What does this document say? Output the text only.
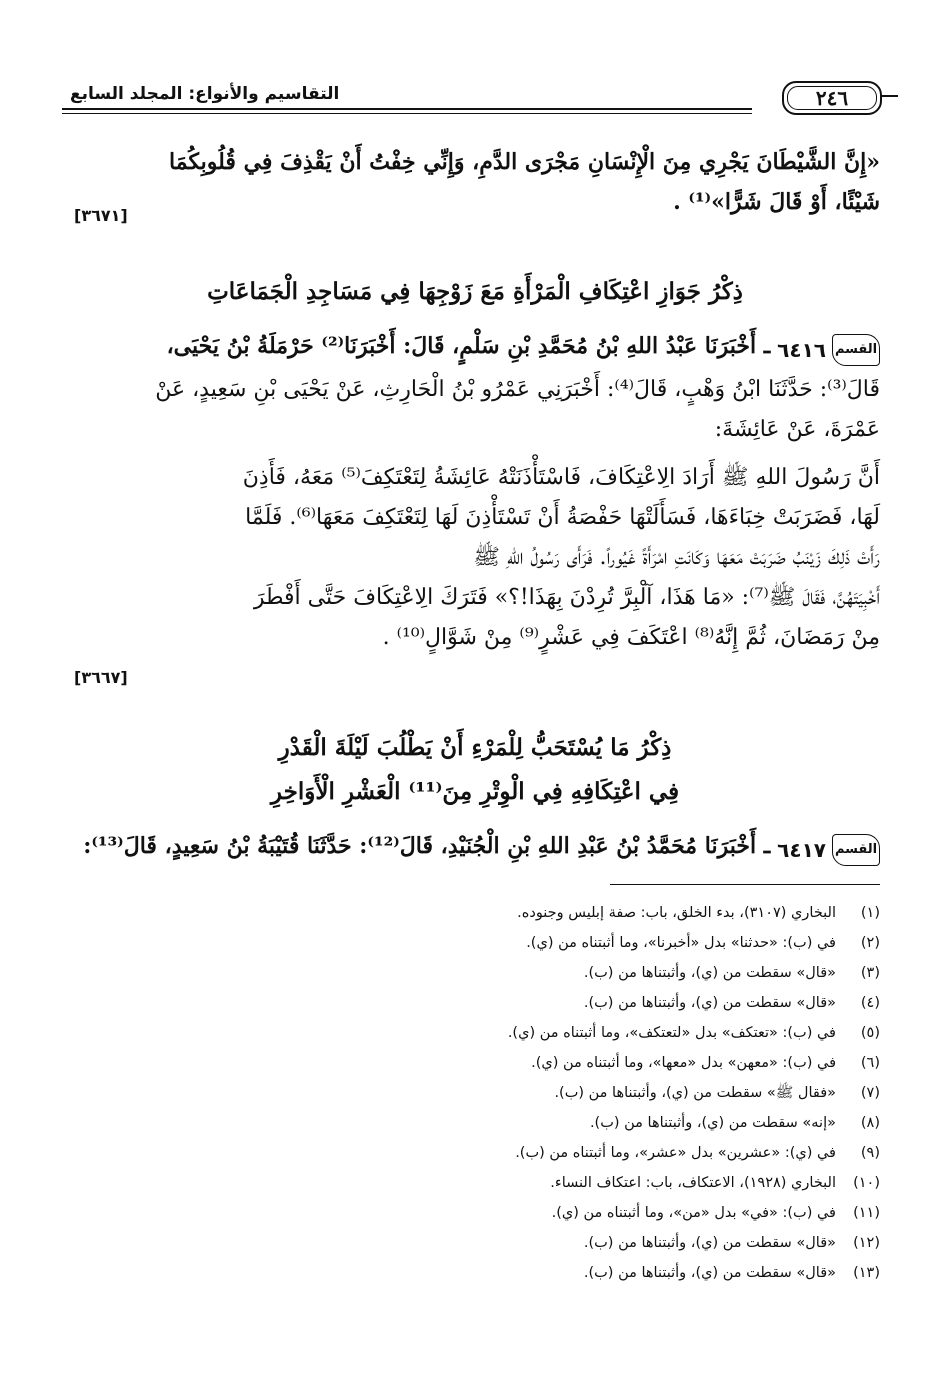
التقاسيم والأنواع: المجلد السابع	٢٤٦
«إِنَّ الشَّيْطَانَ يَجْرِي مِنَ الْإِنْسَانِ مَجْرَى الدَّمِ، وَإِنِّي خِفْتُ أَنْ يَقْذِفَ فِي قُلُوبِكُمَا
شَيْئًا، أَوْ قَالَ شَرًّا»⁽¹⁾ .
[٣٦٧١]
ذِكْرُ جَوَازِ اعْتِكَافِ الْمَرْأَةِ مَعَ زَوْجِهَا فِي مَسَاجِدِ الْجَمَاعَاتِ
القسم
٦٤١٦
ـ أَخْبَرَنَا عَبْدُ اللهِ بْنُ مُحَمَّدِ بْنِ سَلْمٍ، قَالَ: أَخْبَرَنَا⁽²⁾ حَرْمَلَةُ بْنُ يَحْيَى،
قَالَ⁽³⁾: حَدَّثَنَا ابْنُ وَهْبٍ، قَالَ⁽⁴⁾: أَخْبَرَنِي عَمْرُو بْنُ الْحَارِثِ، عَنْ يَحْيَى بْنِ سَعِيدٍ، عَنْ
عَمْرَةَ، عَنْ عَائِشَةَ:
أَنَّ رَسُولَ اللهِ ﷺ أَرَادَ الِاعْتِكَافَ، فَاسْتَأْذَنَتْهُ عَائِشَةُ لِتَعْتَكِفَ⁽⁵⁾ مَعَهُ، فَأَذِنَ
لَهَا، فَضَرَبَتْ خِبَاءَهَا، فَسَأَلَتْهَا حَفْصَةُ أَنْ تَسْتَأْذِنَ لَهَا لِتَعْتَكِفَ مَعَهَا⁽⁶⁾. فَلَمَّا
رَأَتْ ذَلِكَ زَيْنَبُ ضَرَبَتْ مَعَهَا وَكَانَتِ امْرَأَةً غَيُوراً. فَرَأَى رَسُولُ اللهِ ﷺ
أَخْبِيَتَهُنَّ، فَقَالَ ﷺ⁽⁷⁾: «مَا هَذَا، آلْبِرَّ تُرِدْنَ بِهَذَا!؟» فَتَرَكَ الِاعْتِكَافَ حَتَّى أَفْطَرَ
مِنْ رَمَضَانَ، ثُمَّ إِنَّهُ⁽⁸⁾ اعْتَكَفَ فِي عَشْرٍ⁽⁹⁾ مِنْ شَوَّالٍ⁽¹⁰⁾ .
[٣٦٦٧]
ذِكْرُ مَا يُسْتَحَبُّ لِلْمَرْءِ أَنْ يَطْلُبَ لَيْلَةَ الْقَدْرِ
فِي اعْتِكَافِهِ فِي الْوِتْرِ مِنَ⁽¹¹⁾ الْعَشْرِ الْأَوَاخِرِ
القسم
٦٤١٧
ـ أَخْبَرَنَا مُحَمَّدُ بْنُ عَبْدِ اللهِ بْنِ الْجُنَيْدِ، قَالَ⁽¹²⁾: حَدَّثَنَا قُتَيْبَةُ بْنُ سَعِيدٍ، قَالَ⁽¹³⁾:
(١)البخاري (٣١٠٧)، بدء الخلق، باب: صفة إبليس وجنوده.
(٢)في (ب): «حدثنا» بدل «أخبرنا»، وما أثبتناه من (ي).
(٣)«قال» سقطت من (ي)، وأثبتناها من (ب).
(٤)«قال» سقطت من (ي)، وأثبتناها من (ب).
(٥)في (ب): «تعتكف» بدل «لتعتكف»، وما أثبتناه من (ي).
(٦)في (ب): «معهن» بدل «معها»، وما أثبتناه من (ي).
(٧)«فقال ﷺ» سقطت من (ي)، وأثبتناها من (ب).
(٨)«إنه» سقطت من (ي)، وأثبتناها من (ب).
(٩)في (ي): «عشرين» بدل «عشر»، وما أثبتناه من (ب).
(١٠)البخاري (١٩٢٨)، الاعتكاف، باب: اعتكاف النساء.
(١١)في (ب): «في» بدل «من»، وما أثبتناه من (ي).
(١٢)«قال» سقطت من (ي)، وأثبتناها من (ب).
(١٣)«قال» سقطت من (ي)، وأثبتناها من (ب).
